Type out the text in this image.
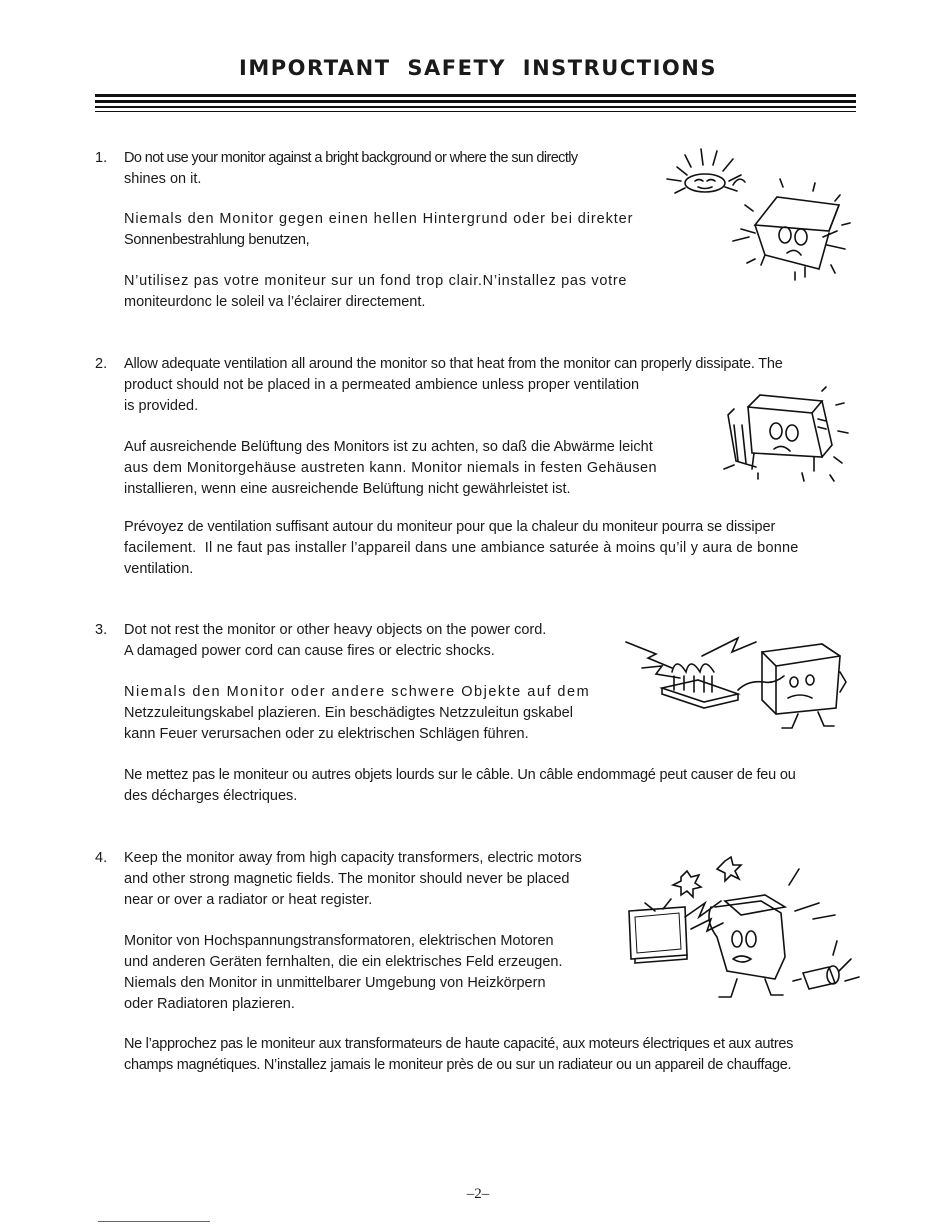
IMPORTANT SAFETY INSTRUCTIONS
1. Do not use your monitor against a bright background or where the sun directly
shines on it.
Niemals den Monitor gegen einen hellen Hintergrund oder bei direkter
Sonnenbestrahlung benutzen,
N’utilisez pas votre moniteur sur un fond trop clair.N’installez pas votre
moniteurdonc le soleil va l’éclairer directement.
2. Allow adequate ventilation all around the monitor so that heat from the monitor can properly dissipate. The
product should not be placed in a permeated ambience unless proper ventilation
is provided.
Auf ausreichende Belüftung des Monitors ist zu achten, so daß die Abwärme leicht
aus dem Monitorgehäuse austreten kann. Monitor niemals in festen Gehäusen
installieren, wenn eine ausreichende Belüftung nicht gewährleistet ist.
Prévoyez de ventilation suffisant autour du moniteur pour que la chaleur du moniteur pourra se dissiper
facilement.  Il ne faut pas installer l’appareil dans une ambiance saturée à moins qu’il y aura de bonne
ventilation.
3. Dot not rest the monitor or other heavy objects on the power cord.
A damaged power cord can cause fires or electric shocks.
Niemals den Monitor oder andere schwere Objekte auf dem
Netzzuleitungskabel plazieren. Ein beschädigtes Netzzuleitun gskabel
kann Feuer verursachen oder zu elektrischen Schlägen führen.
Ne mettez pas le moniteur ou autres objets lourds sur le câble. Un câble endommagé peut causer de feu ou
des décharges électriques.
4. Keep the monitor away from high capacity transformers, electric motors
and other strong magnetic fields. The monitor should never be placed
near or over a radiator or heat register.
Monitor von Hochspannungstransformatoren, elektrischen Motoren
und anderen Geräten fernhalten, die ein elektrisches Feld erzeugen.
Niemals den Monitor in unmittelbarer Umgebung von Heizkörpern
oder Radiatoren plazieren.
Ne l’approchez pas le moniteur aux transformateurs de haute capacité, aux moteurs électriques et aux autres
champs magnétiques. N’installez jamais le moniteur près de ou sur un radiateur ou un appareil de chauffage.
–2–
